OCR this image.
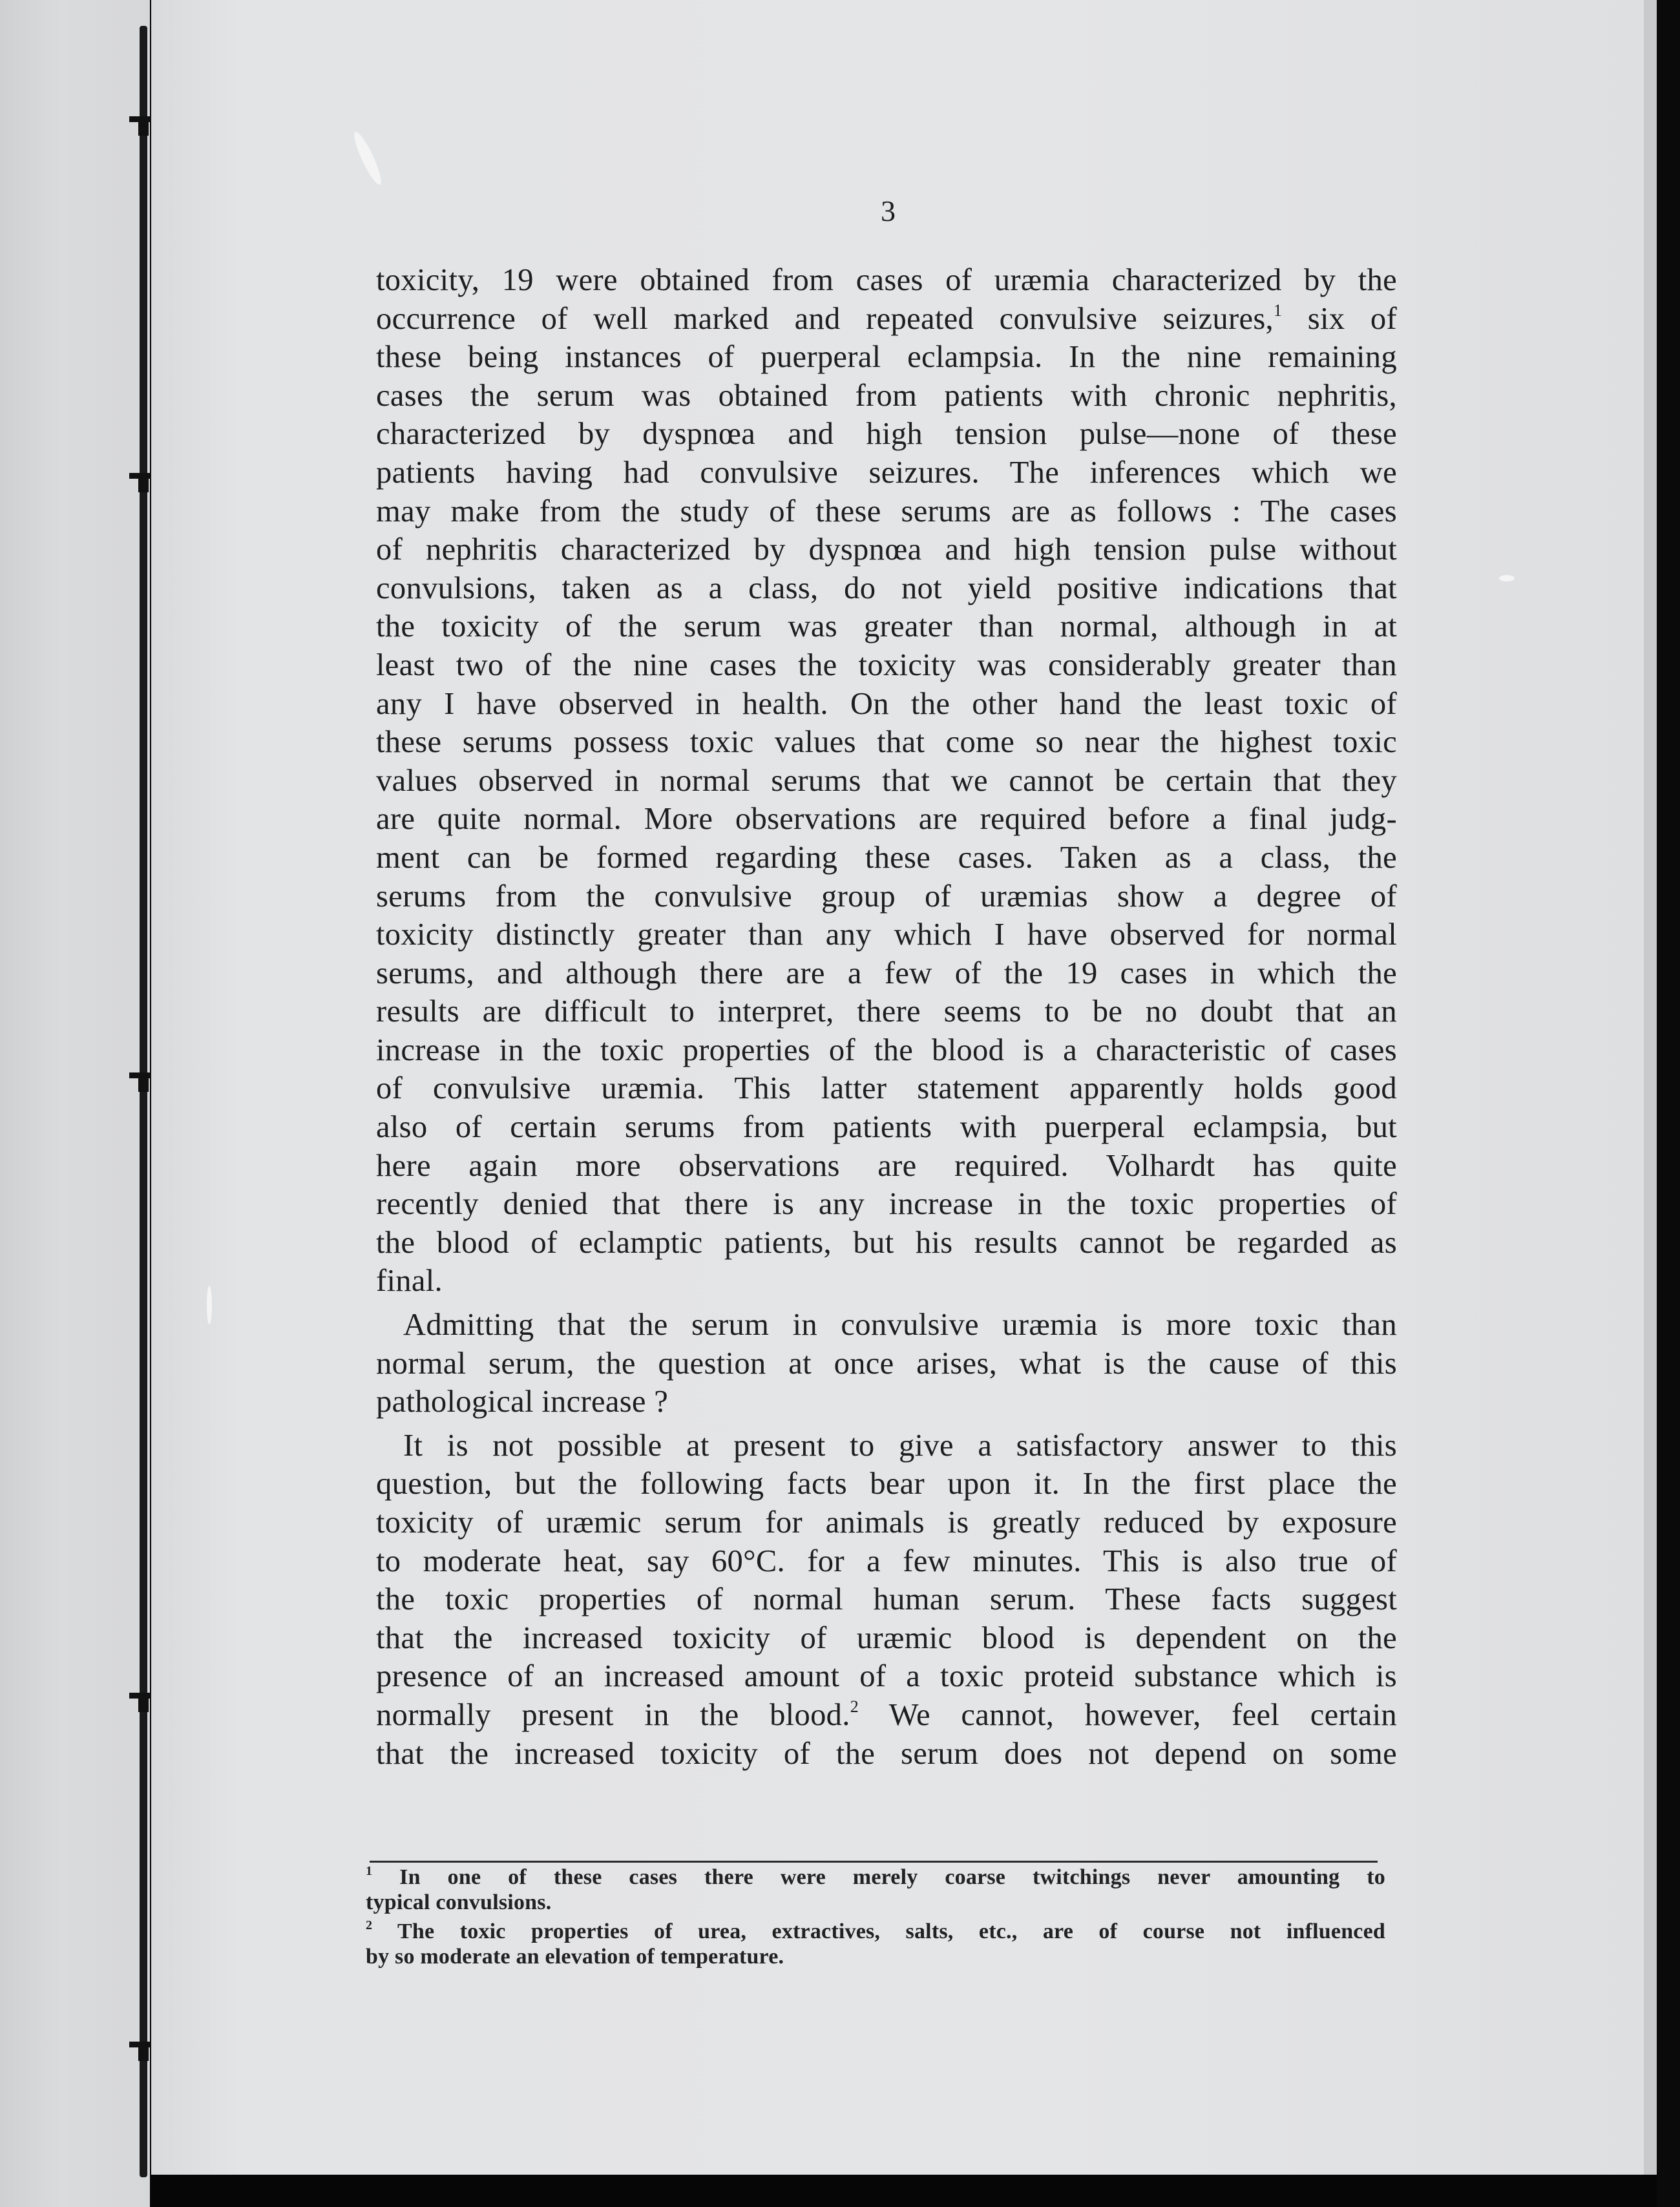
3
toxicity, 19 were obtained from cases of uræmia characterized by the
occurrence of well marked and repeated convulsive seizures,$^1$ six of
these being instances of puerperal eclampsia. In the nine remaining
cases the serum was obtained from patients with chronic nephritis,
characterized by dyspnœa and high tension pulse—none of these
patients having had convulsive seizures. The inferences which we
may make from the study of these serums are as follows : The cases
of nephritis characterized by dyspnœa and high tension pulse without
convulsions, taken as a class, do not yield positive indications that
the toxicity of the serum was greater than normal, although in at
least two of the nine cases the toxicity was considerably greater than
any I have observed in health. On the other hand the least toxic of
these serums possess toxic values that come so near the highest toxic
values observed in normal serums that we cannot be certain that they
are quite normal. More observations are required before a final judg-
ment can be formed regarding these cases. Taken as a class, the
serums from the convulsive group of uræmias show a degree of
toxicity distinctly greater than any which I have observed for normal
serums, and although there are a few of the 19 cases in which the
results are difficult to interpret, there seems to be no doubt that an
increase in the toxic properties of the blood is a characteristic of cases
of convulsive uræmia. This latter statement apparently holds good
also of certain serums from patients with puerperal eclampsia, but
here again more observations are required. Volhardt has quite
recently denied that there is any increase in the toxic properties of
the blood of eclamptic patients, but his results cannot be regarded as
final.
Admitting that the serum in convulsive uræmia is more toxic than
normal serum, the question at once arises, what is the cause of this
pathological increase ?
It is not possible at present to give a satisfactory answer to this
question, but the following facts bear upon it. In the first place the
toxicity of uræmic serum for animals is greatly reduced by exposure
to moderate heat, say 60°C. for a few minutes. This is also true of
the toxic properties of normal human serum. These facts suggest
that the increased toxicity of uræmic blood is dependent on the
presence of an increased amount of a toxic proteid substance which is
normally present in the blood.$^2$ We cannot, however, feel certain
that the increased toxicity of the serum does not depend on some
$^1$ In one of these cases there were merely coarse twitchings never amounting to
typical convulsions.
$^2$ The toxic properties of urea, extractives, salts, etc., are of course not influenced
by so moderate an elevation of temperature.
